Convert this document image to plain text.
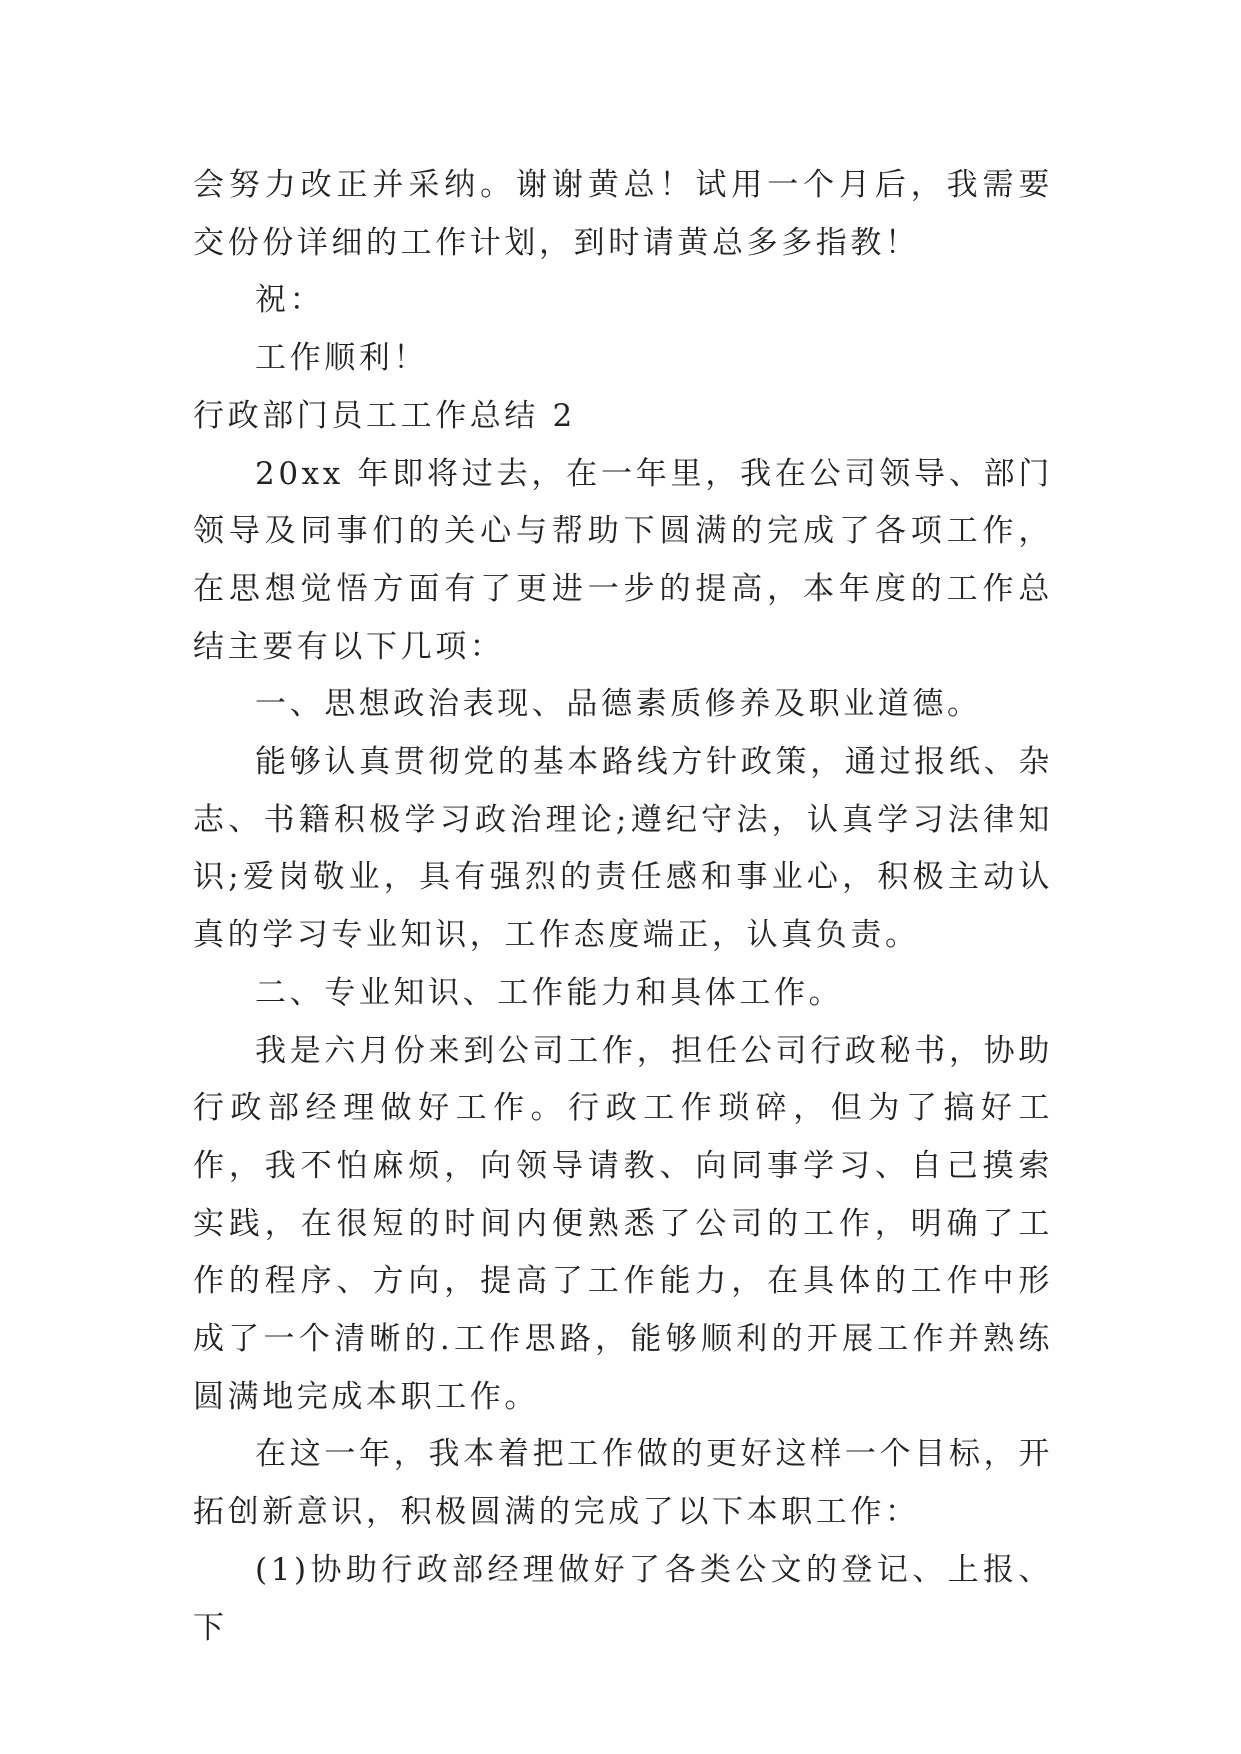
会努力改正并采纳。谢谢黄总！试用一个月后，我需要交份份详细的工作计划，到时请黄总多多指教！

祝：

工作顺利！

行政部门员工工作总结 2

20xx 年即将过去，在一年里，我在公司领导、部门领导及同事们的关心与帮助下圆满的完成了各项工作，在思想觉悟方面有了更进一步的提高，本年度的工作总结主要有以下几项：

一、思想政治表现、品德素质修养及职业道德。

能够认真贯彻党的基本路线方针政策，通过报纸、杂志、书籍积极学习政治理论;遵纪守法，认真学习法律知识;爱岗敬业，具有强烈的责任感和事业心，积极主动认真的学习专业知识，工作态度端正，认真负责。

二、专业知识、工作能力和具体工作。

我是六月份来到公司工作，担任公司行政秘书，协助行政部经理做好工作。行政工作琐碎，但为了搞好工作，我不怕麻烦，向领导请教、向同事学习、自己摸索实践，在很短的时间内便熟悉了公司的工作，明确了工作的程序、方向，提高了工作能力，在具体的工作中形成了一个清晰的.工作思路，能够顺利的开展工作并熟练圆满地完成本职工作。

在这一年，我本着把工作做的更好这样一个目标，开拓创新意识，积极圆满的完成了以下本职工作：

(1)协助行政部经理做好了各类公文的登记、上报、下
